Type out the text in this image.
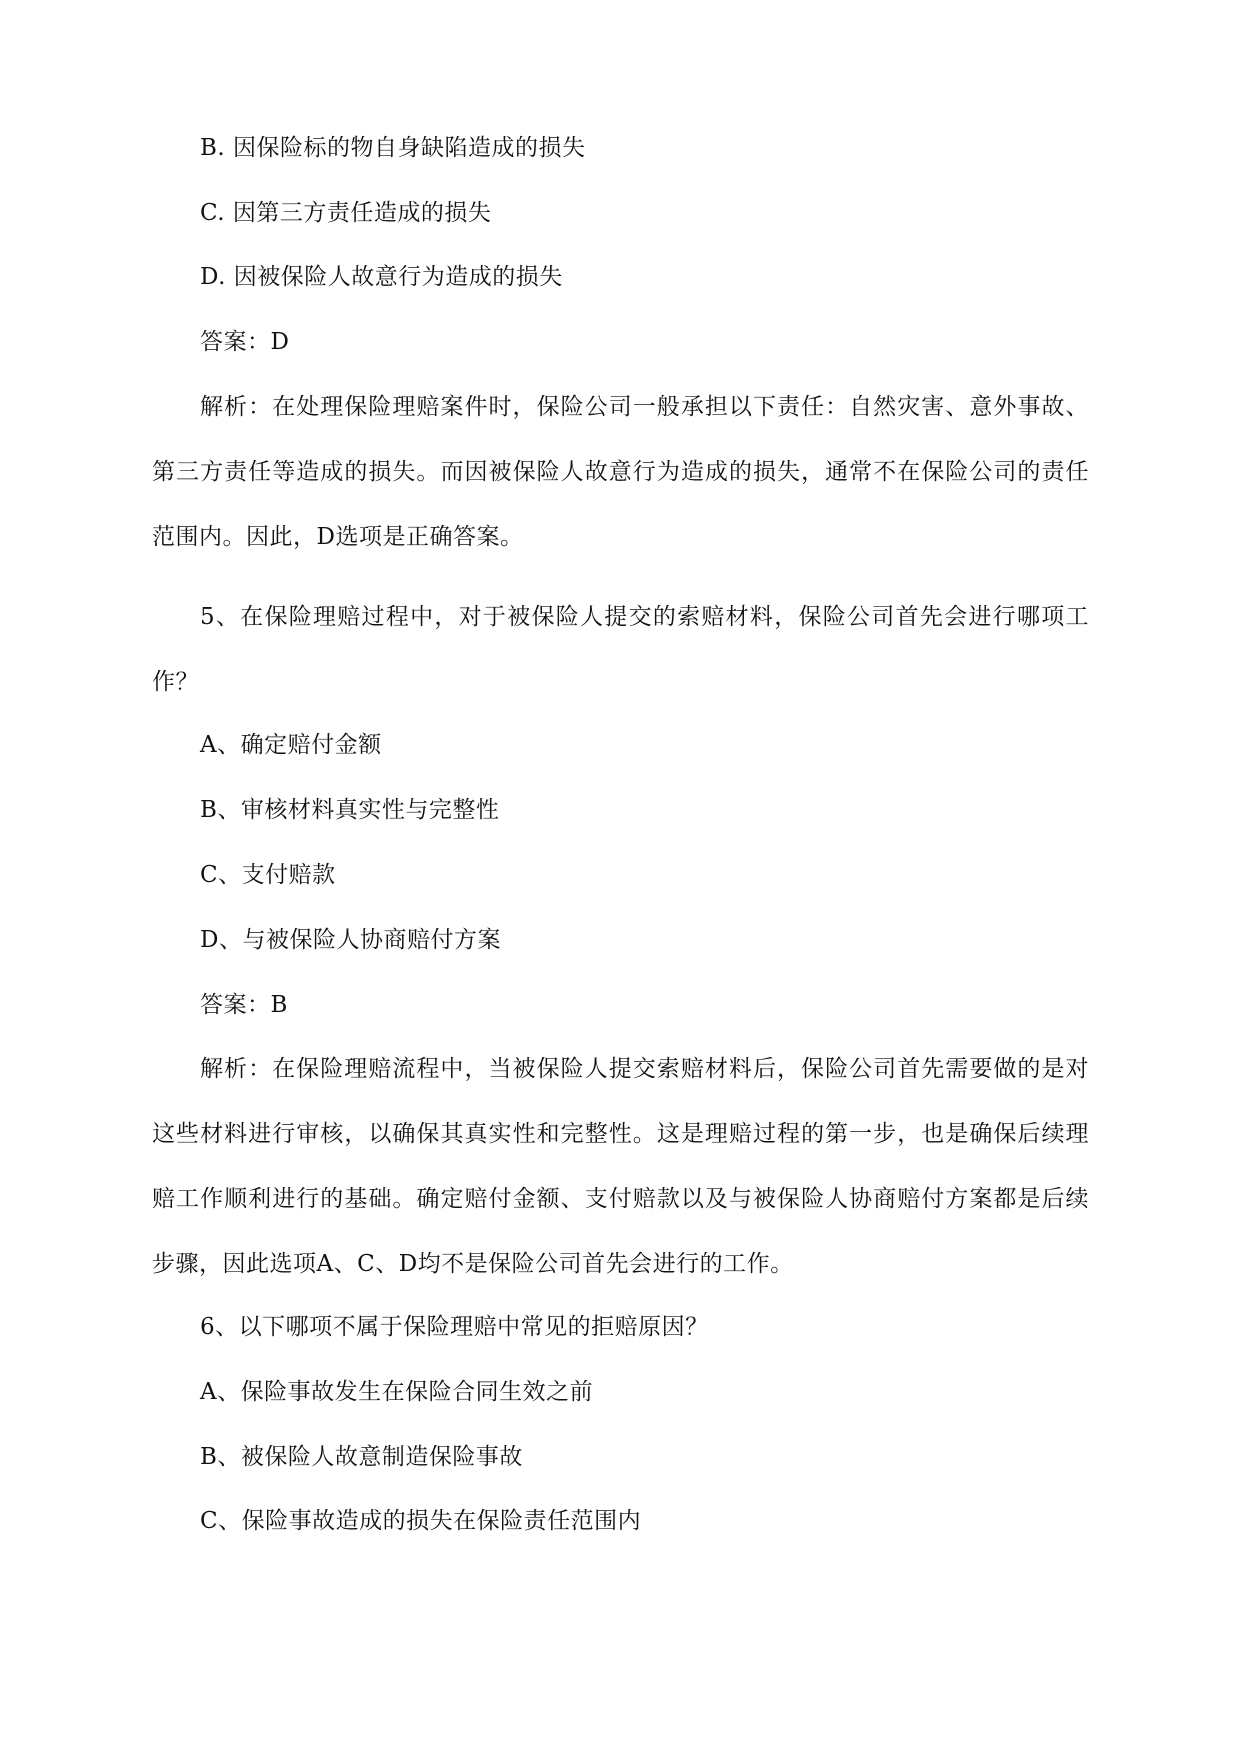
B. 因保险标的物自身缺陷造成的损失
C. 因第三方责任造成的损失
D. 因被保险人故意行为造成的损失
答案：D
解析：在处理保险理赔案件时，保险公司一般承担以下责任：自然灾害、意外事故、第三方责任等造成的损失。而因被保险人故意行为造成的损失，通常不在保险公司的责任范围内。因此，D选项是正确答案。
5、在保险理赔过程中，对于被保险人提交的索赔材料，保险公司首先会进行哪项工作？
A、确定赔付金额
B、审核材料真实性与完整性
C、支付赔款
D、与被保险人协商赔付方案
答案：B
解析：在保险理赔流程中，当被保险人提交索赔材料后，保险公司首先需要做的是对这些材料进行审核，以确保其真实性和完整性。这是理赔过程的第一步，也是确保后续理赔工作顺利进行的基础。确定赔付金额、支付赔款以及与被保险人协商赔付方案都是后续步骤，因此选项A、C、D均不是保险公司首先会进行的工作。
6、以下哪项不属于保险理赔中常见的拒赔原因？
A、保险事故发生在保险合同生效之前
B、被保险人故意制造保险事故
C、保险事故造成的损失在保险责任范围内
